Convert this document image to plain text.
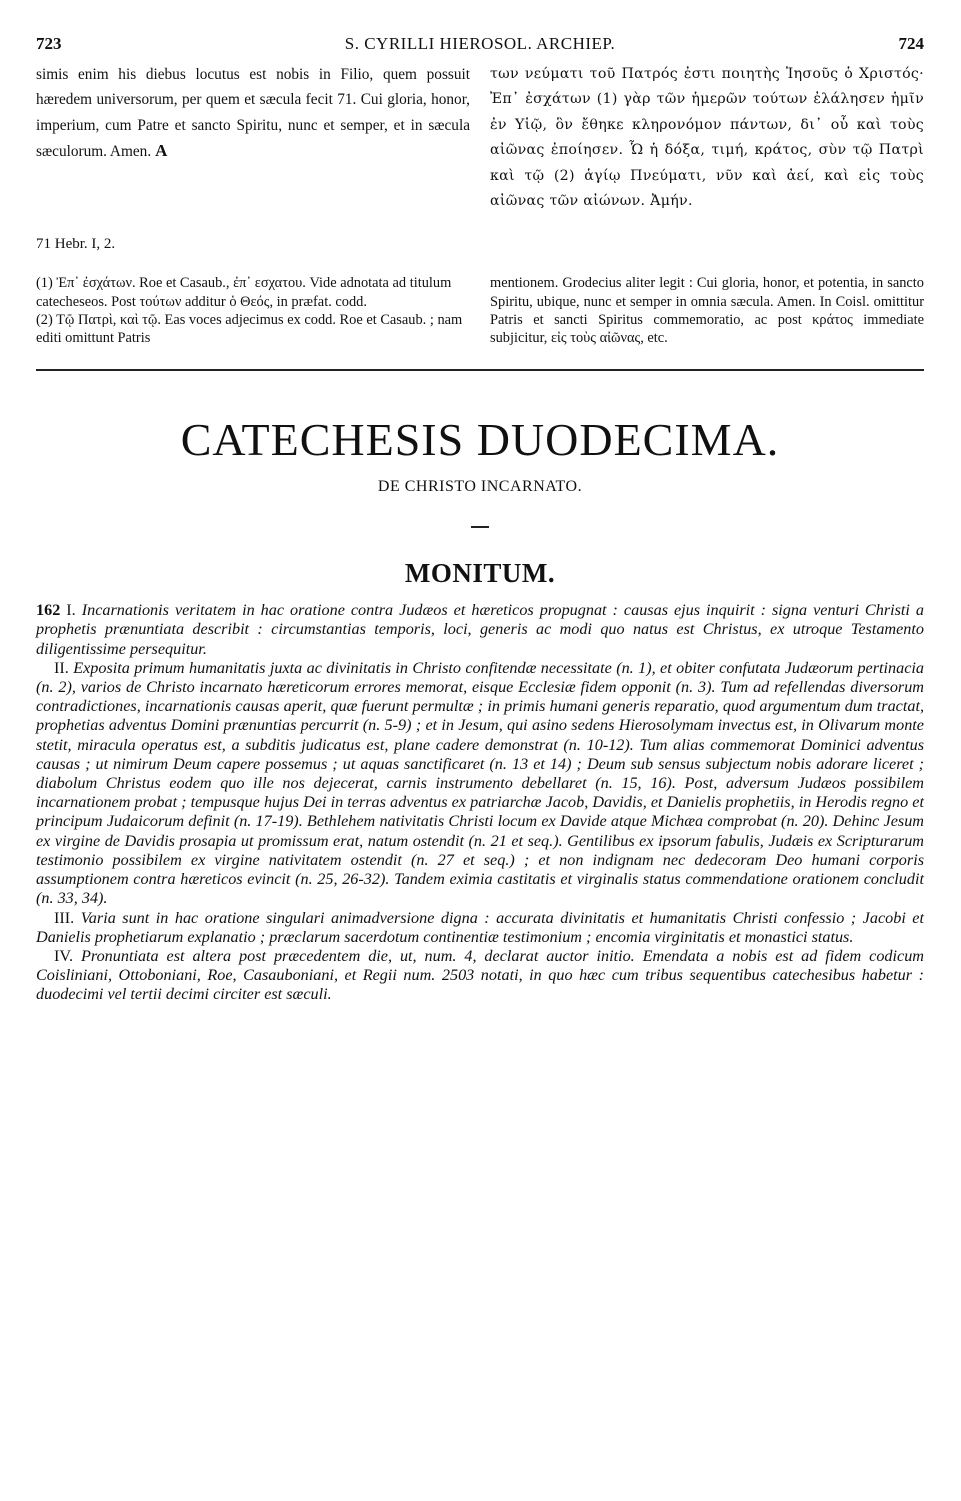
723	S. CYRILLI HIEROSOL. ARCHIEP.	724
simis enim his diebus locutus est nobis in Filio, quem possuit hæredem universorum, per quem et sæcula fecit 71. Cui gloria, honor, imperium, cum Patre et sancto Spiritu, nunc et semper, et in sæcula sæculorum. Amen. A
των νεύματι τοῦ Πατρός ἐστι ποιητὴς Ἰησοῦς ὁ Χριστός· Ἐπ᾽ ἐσχάτων (1) γὰρ τῶν ἡμερῶν τούτων ἐλάλησεν ἡμῖν ἐν Υἱῷ, ὃν ἔθηκε κληρονόμον πάντων, δι᾽ οὗ καὶ τοὺς αἰῶνας ἐποίησεν. Ὧ ἡ δόξα, τιμή, κράτος, σὺν τῷ Πατρὶ καὶ τῷ (2) ἁγίῳ Πνεύματι, νῦν καὶ ἀεί, καὶ εἰς τοὺς αἰῶνας τῶν αἰώνων. Ἀμήν.
71 Hebr. I, 2.

(1) Ἐπ᾽ ἐσχάτων. Roe et Casaub., ἐπ᾽ εσχατου. Vide adnotata ad titulum catecheseos. Post τούτων additur ὁ Θεός, in præfat. codd.

(2) Τῷ Πατρὶ, καὶ τῷ. Eas voces adjecimus ex codd. Roe et Casaub. ; nam editi omittunt Patris

mentionem. Grodecius aliter legit : Cui gloria, honor, et potentia, in sancto Spiritu, ubique, nunc et semper in omnia sæcula. Amen. In Coisl. omittitur Patris et sancti Spiritus commemoratio, ac post κράτος immediate subjicitur, εἰς τοὺς αἰῶνας, etc.

CATECHESIS DUODECIMA.
DE CHRISTO INCARNATO.
MONITUM.

162 I. Incarnationis veritatem in hac oratione contra Judæos et hæreticos propugnat : causas ejus inquirit : signa venturi Christi a prophetis prænuntiata describit : circumstantias temporis, loci, generis ac modi quo natus est Christus, ex utroque Testamento diligentissime persequitur.

II. Exposita primum humanitatis juxta ac divinitatis in Christo confitendæ necessitate (n. 1), et obiter confutata Judæorum pertinacia (n. 2), varios de Christo incarnato hæreticorum errores memorat, eisque Ecclesiæ fidem opponit (n. 3). Tum ad refellendas diversorum contradictiones, incarnationis causas aperit, quæ fuerunt permultæ ; in primis humani generis reparatio, quod argumentum dum tractat, prophetias adventus Domini prænuntias percurrit (n. 5-9) ; et in Jesum, qui asino sedens Hierosolymam invectus est, in Olivarum monte stetit, miracula operatus est, a subditis judicatus est, plane cadere demonstrat (n. 10-12). Tum alias commemorat Dominici adventus causas ; ut nimirum Deum capere possemus ; ut aquas sanctificaret (n. 13 et 14) ; Deum sub sensus subjectum nobis adorare liceret ; diabolum Christus eodem quo ille nos dejecerat, carnis instrumento debellaret (n. 15, 16). Post, adversum Judæos possibilem incarnationem probat ; tempusque hujus Dei in terras adventus ex patriarchæ Jacob, Davidis, et Danielis prophetiis, in Herodis regno et principum Judaicorum definit (n. 17-19). Bethlehem nativitatis Christi locum ex Davide atque Michæa comprobat (n. 20). Dehinc Jesum ex virgine de Davidis prosapia ut promissum erat, natum ostendit (n. 21 et seq.). Gentilibus ex ipsorum fabulis, Judæis ex Scripturarum testimonio possibilem ex virgine nativitatem ostendit (n. 27 et seq.) ; et non indignam nec dedecoram Deo humani corporis assumptionem contra hæreticos evincit (n. 25, 26-32). Tandem eximia castitatis et virginalis status commendatione orationem concludit (n. 33, 34).

III. Varia sunt in hac oratione singulari animadversione digna : accurata divinitatis et humanitatis Christi confessio ; Jacobi et Danielis prophetiarum explanatio ; præclarum sacerdotum continentiæ testimonium ; encomia virginitatis et monastici status.

IV. Pronuntiata est altera post præcedentem die, ut, num. 4, declarat auctor initio. Emendata a nobis est ad fidem codicum Coisliniani, Ottoboniani, Roe, Casauboniani, et Regii num. 2503 notati, in quo hæc cum tribus sequentibus catechesibus habetur : duodecimi vel tertii decimi circiter est sæculi.
